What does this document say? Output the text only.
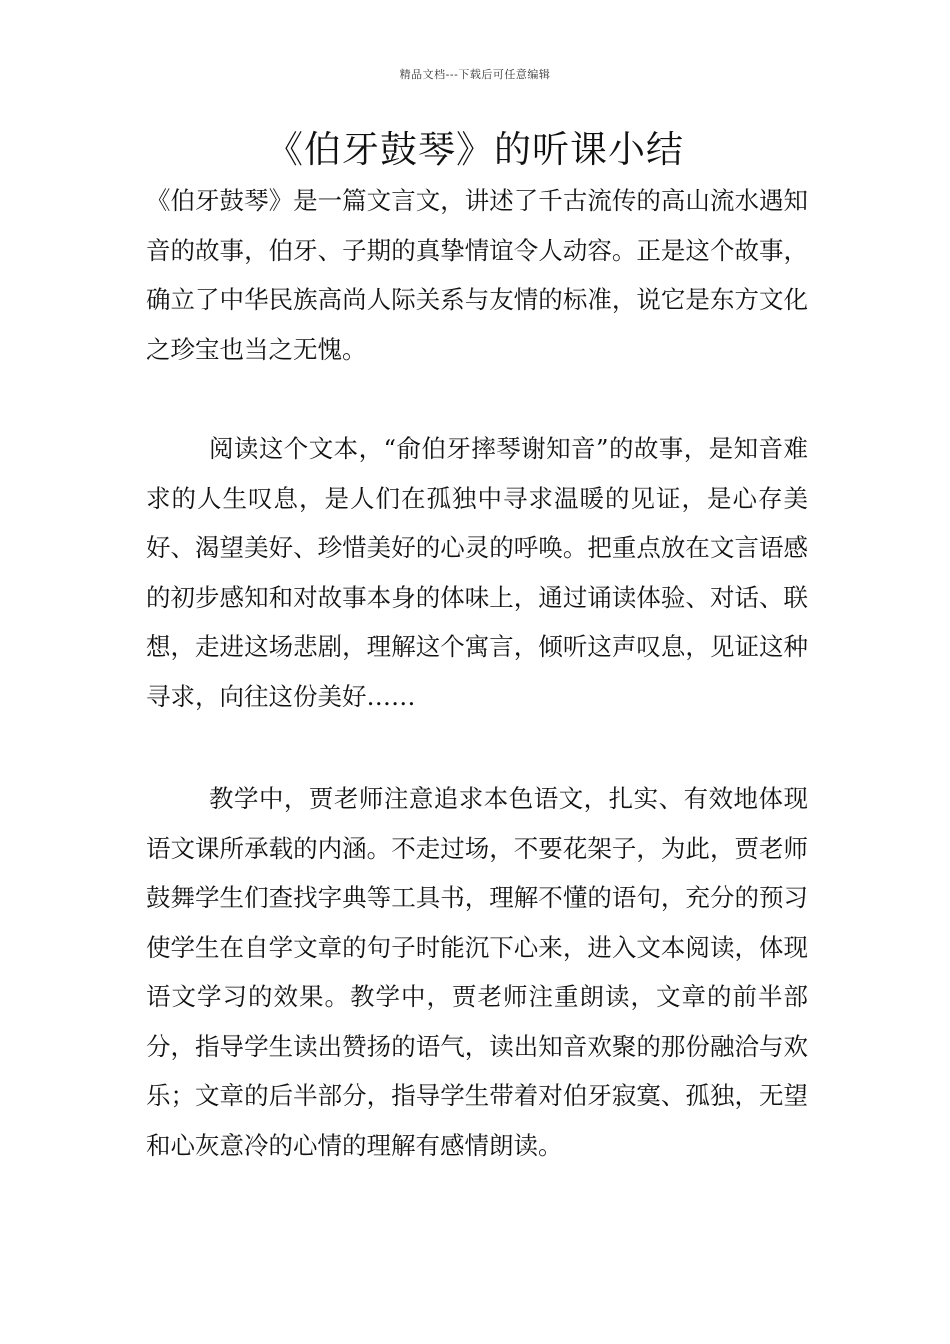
精品文档---下载后可任意编辑
《伯牙鼓琴》的听课小结

《伯牙鼓琴》是一篇文言文，讲述了千古流传的高山流水遇知音的故事，伯牙、子期的真挚情谊令人动容。正是这个故事，确立了中华民族高尚人际关系与友情的标准，说它是东方文化之珍宝也当之无愧。

阅读这个文本，“俞伯牙摔琴谢知音”的故事，是知音难求的人生叹息，是人们在孤独中寻求温暖的见证，是心存美好、渴望美好、珍惜美好的心灵的呼唤。把重点放在文言语感的初步感知和对故事本身的体味上，通过诵读体验、对话、联想，走进这场悲剧，理解这个寓言，倾听这声叹息，见证这种寻求，向往这份美好……

教学中，贾老师注意追求本色语文，扎实、有效地体现语文课所承载的内涵。不走过场，不要花架子，为此，贾老师鼓舞学生们查找字典等工具书，理解不懂的语句，充分的预习使学生在自学文章的句子时能沉下心来，进入文本阅读，体现语文学习的效果。教学中，贾老师注重朗读，文章的前半部分，指导学生读出赞扬的语气，读出知音欢聚的那份融洽与欢乐；文章的后半部分，指导学生带着对伯牙寂寞、孤独，无望和心灰意冷的心情的理解有感情朗读。
